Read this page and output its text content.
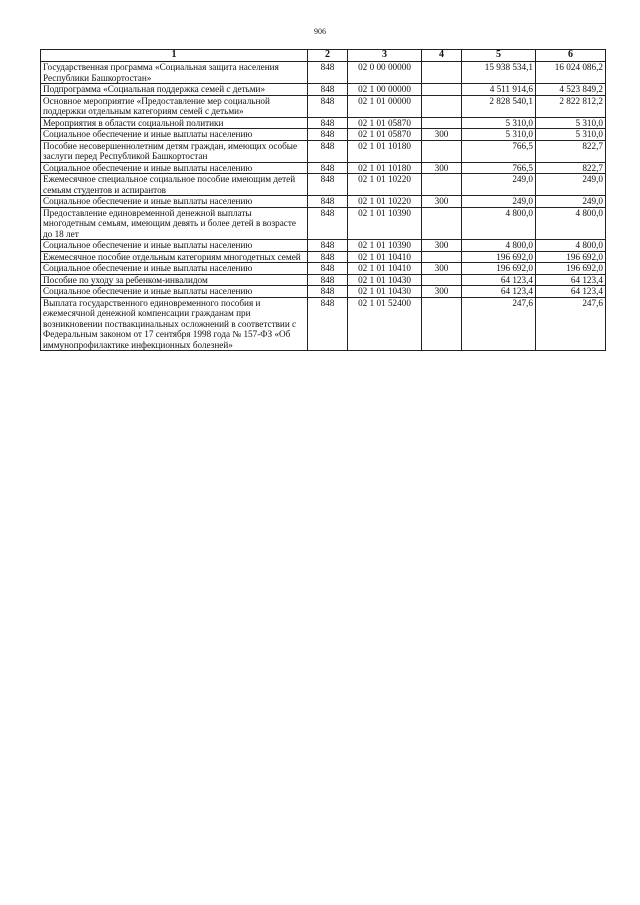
906
1	2	3	4	5	6
Государственная программа «Социальная защита населения Республики Башкортостан»	848	02 0 00 00000		15 938 534,1	16 024 086,2
Подпрограмма «Социальная поддержка семей с детьми»	848	02 1 00 00000		4 511 914,6	4 523 849,2
Основное мероприятие «Предоставление мер социальной поддержки отдельным категориям семей с детьми»	848	02 1 01 00000		2 828 540,1	2 822 812,2
Мероприятия в области социальной политики	848	02 1 01 05870		5 310,0	5 310,0
Социальное обеспечение и иные выплаты населению	848	02 1 01 05870	300	5 310,0	5 310,0
Пособие несовершеннолетним детям граждан, имеющих особые заслуги перед Республикой Башкортостан	848	02 1 01 10180		766,5	822,7
Социальное обеспечение и иные выплаты населению	848	02 1 01 10180	300	766,5	822,7
Ежемесячное специальное социальное пособие имеющим детей семьям студентов и аспирантов	848	02 1 01 10220		249,0	249,0
Социальное обеспечение и иные выплаты населению	848	02 1 01 10220	300	249,0	249,0
Предоставление единовременной денежной выплаты многодетным семьям, имеющим девять и более детей в возрасте до 18 лет	848	02 1 01 10390		4 800,0	4 800,0
Социальное обеспечение и иные выплаты населению	848	02 1 01 10390	300	4 800,0	4 800,0
Ежемесячное пособие отдельным категориям многодетных семей	848	02 1 01 10410		196 692,0	196 692,0
Социальное обеспечение и иные выплаты населению	848	02 1 01 10410	300	196 692,0	196 692,0
Пособие по уходу за ребенком-инвалидом	848	02 1 01 10430		64 123,4	64 123,4
Социальное обеспечение и иные выплаты населению	848	02 1 01 10430	300	64 123,4	64 123,4
Выплата государственного единовременного пособия и ежемесячной денежной компенсации гражданам при возникновении поствакцинальных осложнений в соответствии с Федеральным законом от 17 сентября 1998 года № 157-ФЗ «Об иммунопрофилактике инфекционных болезней»	848	02 1 01 52400		247,6	247,6
